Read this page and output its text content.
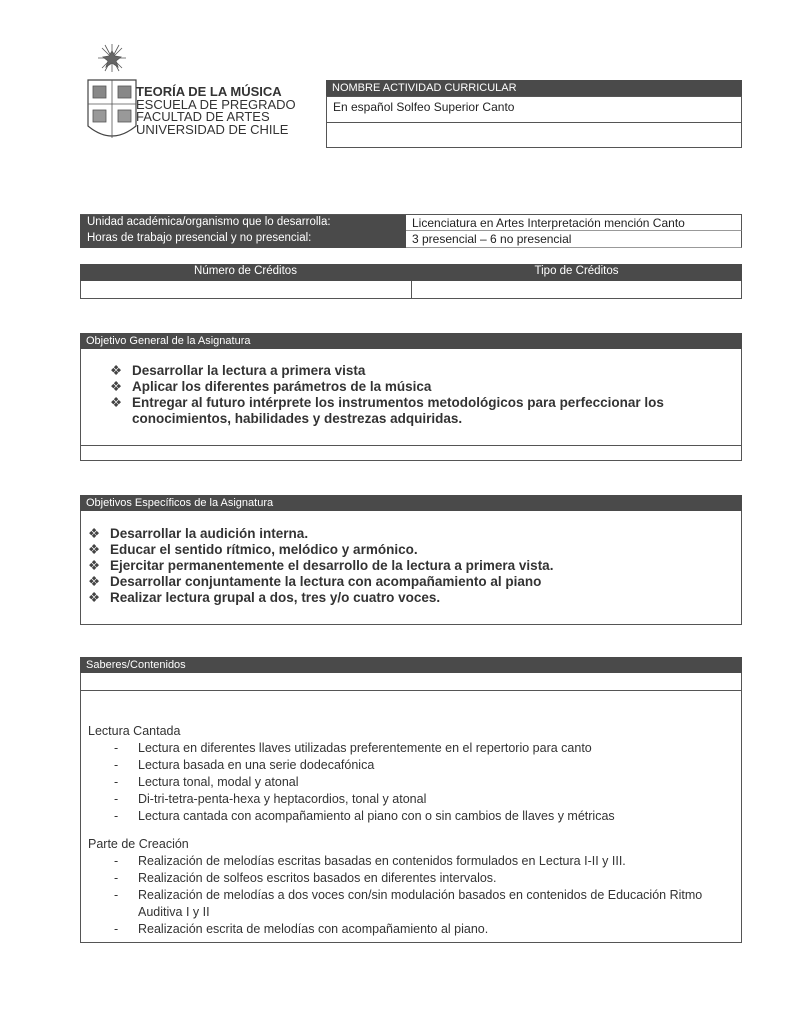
TEORÍA DE LA MÚSICA
ESCUELA DE PREGRADO
FACULTAD DE ARTES
UNIVERSIDAD DE CHILE
NOMBRE ACTIVIDAD CURRICULAR
En español Solfeo Superior Canto
Unidad académica/organismo que lo desarrolla:	Licenciatura en Artes Interpretación mención Canto
Horas de trabajo presencial y no presencial:	3 presencial – 6 no presencial
Número de Créditos	Tipo de Créditos
Objetivo General de la Asignatura
❖ Desarrollar la lectura a primera vista
❖ Aplicar los diferentes parámetros de la música
❖ Entregar al futuro intérprete los instrumentos metodológicos para perfeccionar los conocimientos, habilidades y destrezas adquiridas.
Objetivos Específicos de la Asignatura
❖ Desarrollar la audición interna.
❖ Educar el sentido rítmico, melódico y armónico.
❖ Ejercitar permanentemente el desarrollo de la lectura a primera vista.
❖ Desarrollar conjuntamente la lectura con acompañamiento al piano
❖ Realizar lectura grupal a dos, tres y/o cuatro voces.
Saberes/Contenidos
Lectura Cantada
- Lectura en diferentes llaves utilizadas preferentemente en el repertorio para canto
- Lectura basada en una serie dodecafónica
- Lectura tonal, modal y atonal
- Di-tri-tetra-penta-hexa y heptacordios, tonal y atonal
- Lectura cantada con acompañamiento al piano con o sin cambios de llaves y métricas
Parte de Creación
- Realización de melodías escritas basadas en contenidos formulados en Lectura I-II y III.
- Realización de solfeos escritos basados en diferentes intervalos.
- Realización de melodías a dos voces con/sin modulación basados en contenidos de Educación Ritmo Auditiva I y II
- Realización escrita de melodías con acompañamiento al piano.
